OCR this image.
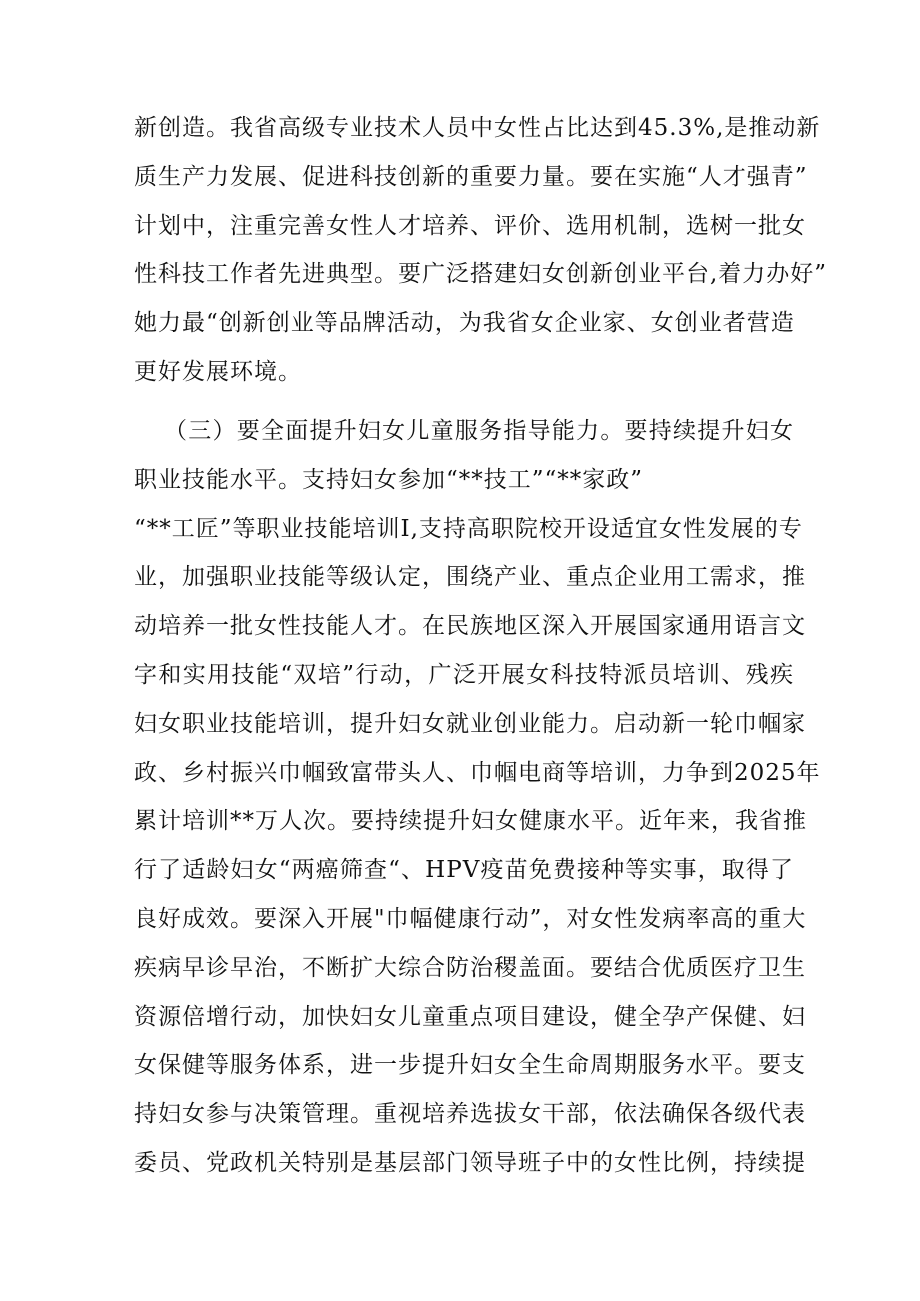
新创造。我省高级专业技术人员中女性占比达到45.3%,是推动新
质生产力发展、促进科技创新的重要力量。要在实施“人才强青”
计划中，注重完善女性人才培养、评价、选用机制，选树一批女
性科技工作者先进典型。要广泛搭建妇女创新创业平台,着力办好”
她力最“创新创业等品牌活动，为我省女企业家、女创业者营造
更好发展环境。
（三）要全面提升妇女儿童服务指导能力。要持续提升妇女
职业技能水平。支持妇女参加“**技工”“**家政”
“**工匠”等职业技能培训I,支持高职院校开设适宜女性发展的专
业，加强职业技能等级认定，围绕产业、重点企业用工需求，推
动培养一批女性技能人才。在民族地区深入开展国家通用语言文
字和实用技能“双培”行动，广泛开展女科技特派员培训、残疾
妇女职业技能培训，提升妇女就业创业能力。启动新一轮巾帼家
政、乡村振兴巾帼致富带头人、巾帼电商等培训，力争到2025年
累计培训**万人次。要持续提升妇女健康水平。近年来，我省推
行了适龄妇女“两癌筛查“、HPV疫苗免费接种等实事，取得了
良好成效。要深入开展"巾幅健康行动”，对女性发病率高的重大
疾病早诊早治，不断扩大综合防治稷盖面。要结合优质医疗卫生
资源倍增行动，加快妇女儿童重点项目建设，健全孕产保健、妇
女保健等服务体系，进一步提升妇女全生命周期服务水平。要支
持妇女参与决策管理。重视培养选拔女干部，依法确保各级代表
委员、党政机关特别是基层部门领导班子中的女性比例，持续提
